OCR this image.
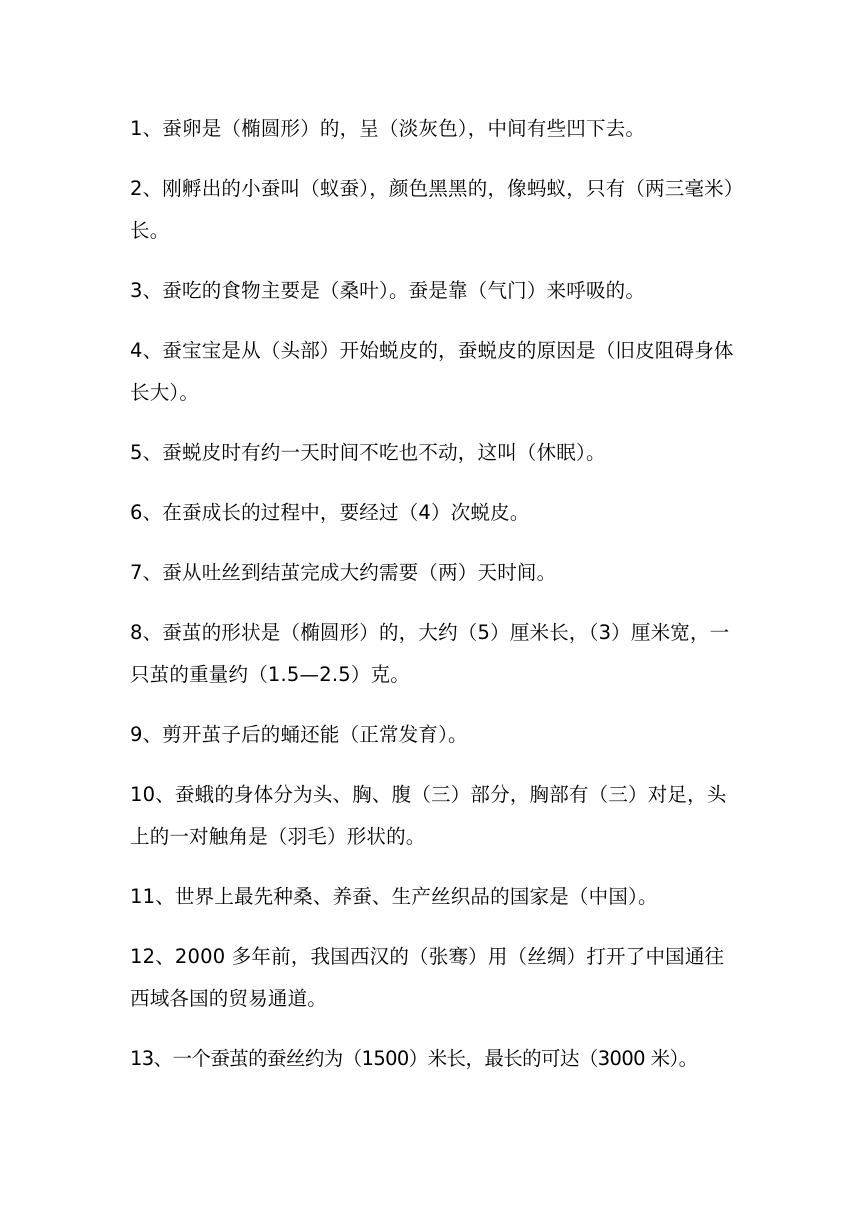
1、蚕卵是（椭圆形）的，呈（淡灰色），中间有些凹下去。

2、刚孵出的小蚕叫（蚁蚕），颜色黑黑的，像蚂蚁，只有（两三毫米）长。

3、蚕吃的食物主要是（桑叶）。蚕是靠（气门）来呼吸的。

4、蚕宝宝是从（头部）开始蜕皮的，蚕蜕皮的原因是（旧皮阻碍身体长大）。

5、蚕蜕皮时有约一天时间不吃也不动，这叫（休眠）。

6、在蚕成长的过程中，要经过（4）次蜕皮。

7、蚕从吐丝到结茧完成大约需要（两）天时间。

8、蚕茧的形状是（椭圆形）的，大约（5）厘米长，（3）厘米宽，一只茧的重量约（1.5—2.5）克。

9、剪开茧子后的蛹还能（正常发育）。

10、蚕蛾的身体分为头、胸、腹（三）部分，胸部有（三）对足，头上的一对触角是（羽毛）形状的。

11、世界上最先种桑、养蚕、生产丝织品的国家是（中国）。

12、2000 多年前，我国西汉的（张骞）用（丝绸）打开了中国通往西域各国的贸易通道。

13、一个蚕茧的蚕丝约为（1500）米长，最长的可达（3000 米）。
